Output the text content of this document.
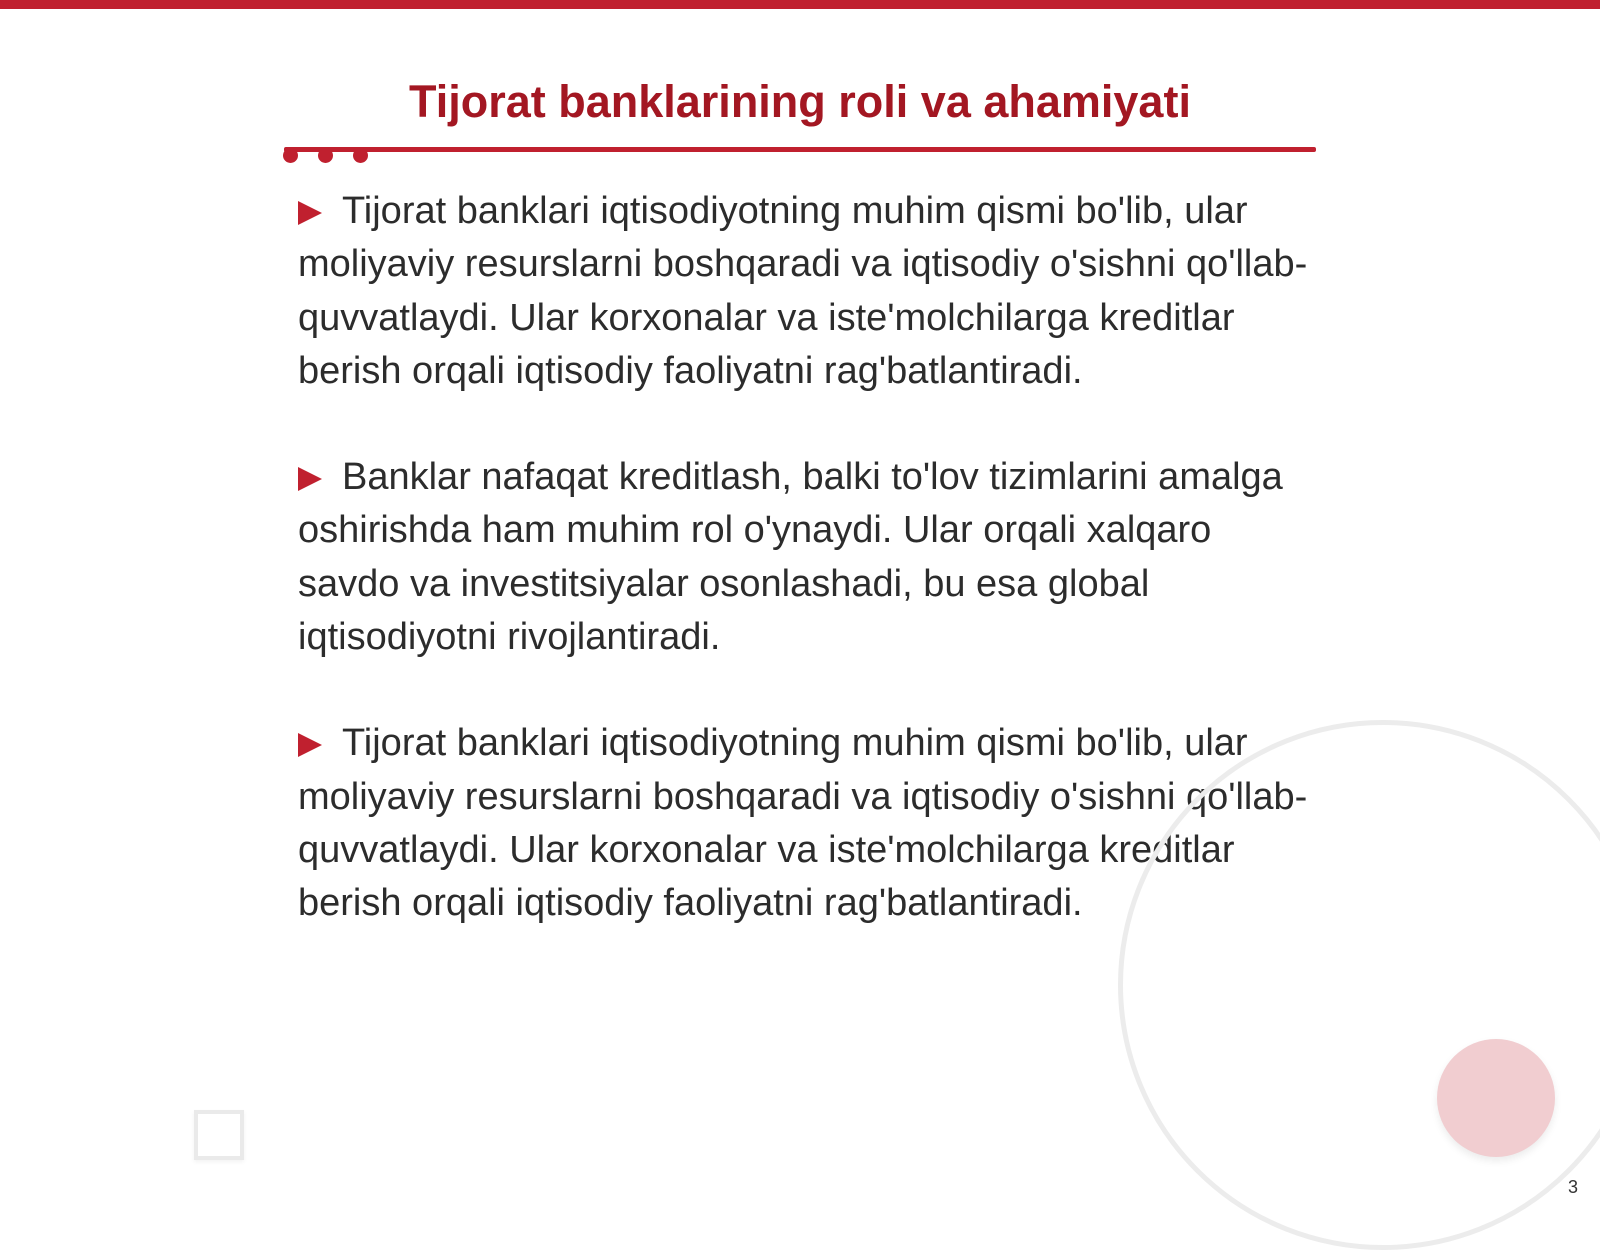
Tijorat banklarining roli va ahamiyati

Tijorat banklari iqtisodiyotning muhim qismi bo'lib, ular moliyaviy resurslarni boshqaradi va iqtisodiy o'sishni qo'llab-quvvatlaydi. Ular korxonalar va iste'molchilarga kreditlar berish orqali iqtisodiy faoliyatni rag'batlantiradi.

Banklar nafaqat kreditlash, balki to'lov tizimlarini amalga oshirishda ham muhim rol o'ynaydi. Ular orqali xalqaro savdo va investitsiyalar osonlashadi, bu esa global iqtisodiyotni rivojlantiradi.

Tijorat banklari iqtisodiyotning muhim qismi bo'lib, ular moliyaviy resurslarni boshqaradi va iqtisodiy o'sishni qo'llab-quvvatlaydi. Ular korxonalar va iste'molchilarga kreditlar berish orqali iqtisodiy faoliyatni rag'batlantiradi.

3
